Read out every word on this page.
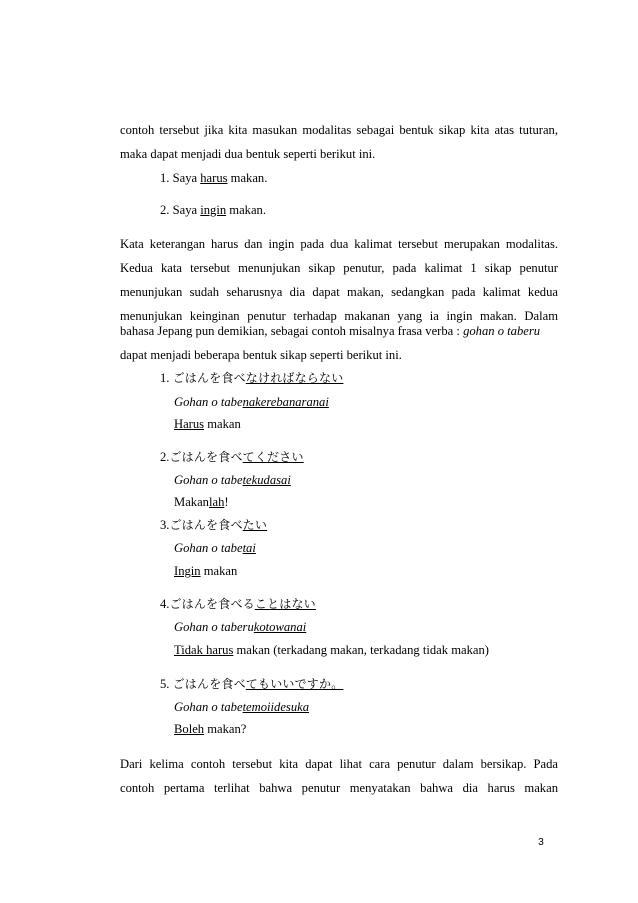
contoh tersebut jika kita masukan modalitas sebagai bentuk sikap kita atas tuturan,
maka dapat menjadi dua bentuk seperti berikut ini.
1. Saya harus makan.
2. Saya ingin makan.
Kata keterangan harus dan ingin pada dua kalimat tersebut merupakan modalitas.
Kedua kata tersebut menunjukan sikap penutur, pada kalimat 1 sikap penutur
menunjukan sudah seharusnya dia dapat makan, sedangkan pada kalimat kedua
menunjukan keinginan penutur terhadap makanan yang ia ingin makan. Dalam
bahasa Jepang pun demikian, sebagai contoh misalnya frasa verba : gohan o taberu
dapat menjadi beberapa bentuk sikap seperti berikut ini.
1. ごはんを食べなければならない
Gohan o tabenakerebanaranai
Harus makan
2.ごはんを食べてください
Gohan o tabetekudasai
Makanlah!
3.ごはんを食べたい
Gohan o tabetai
Ingin makan
4.ごはんを食べることはない
Gohan o taberukotowanai
Tidak harus makan (terkadang makan, terkadang tidak makan)
5. ごはんを食べてもいいですか。
Gohan o tabetemoiidesuka
Boleh makan?
Dari kelima contoh tersebut kita dapat lihat cara penutur dalam bersikap. Pada
contoh pertama terlihat bahwa penutur menyatakan bahwa dia harus makan
3
